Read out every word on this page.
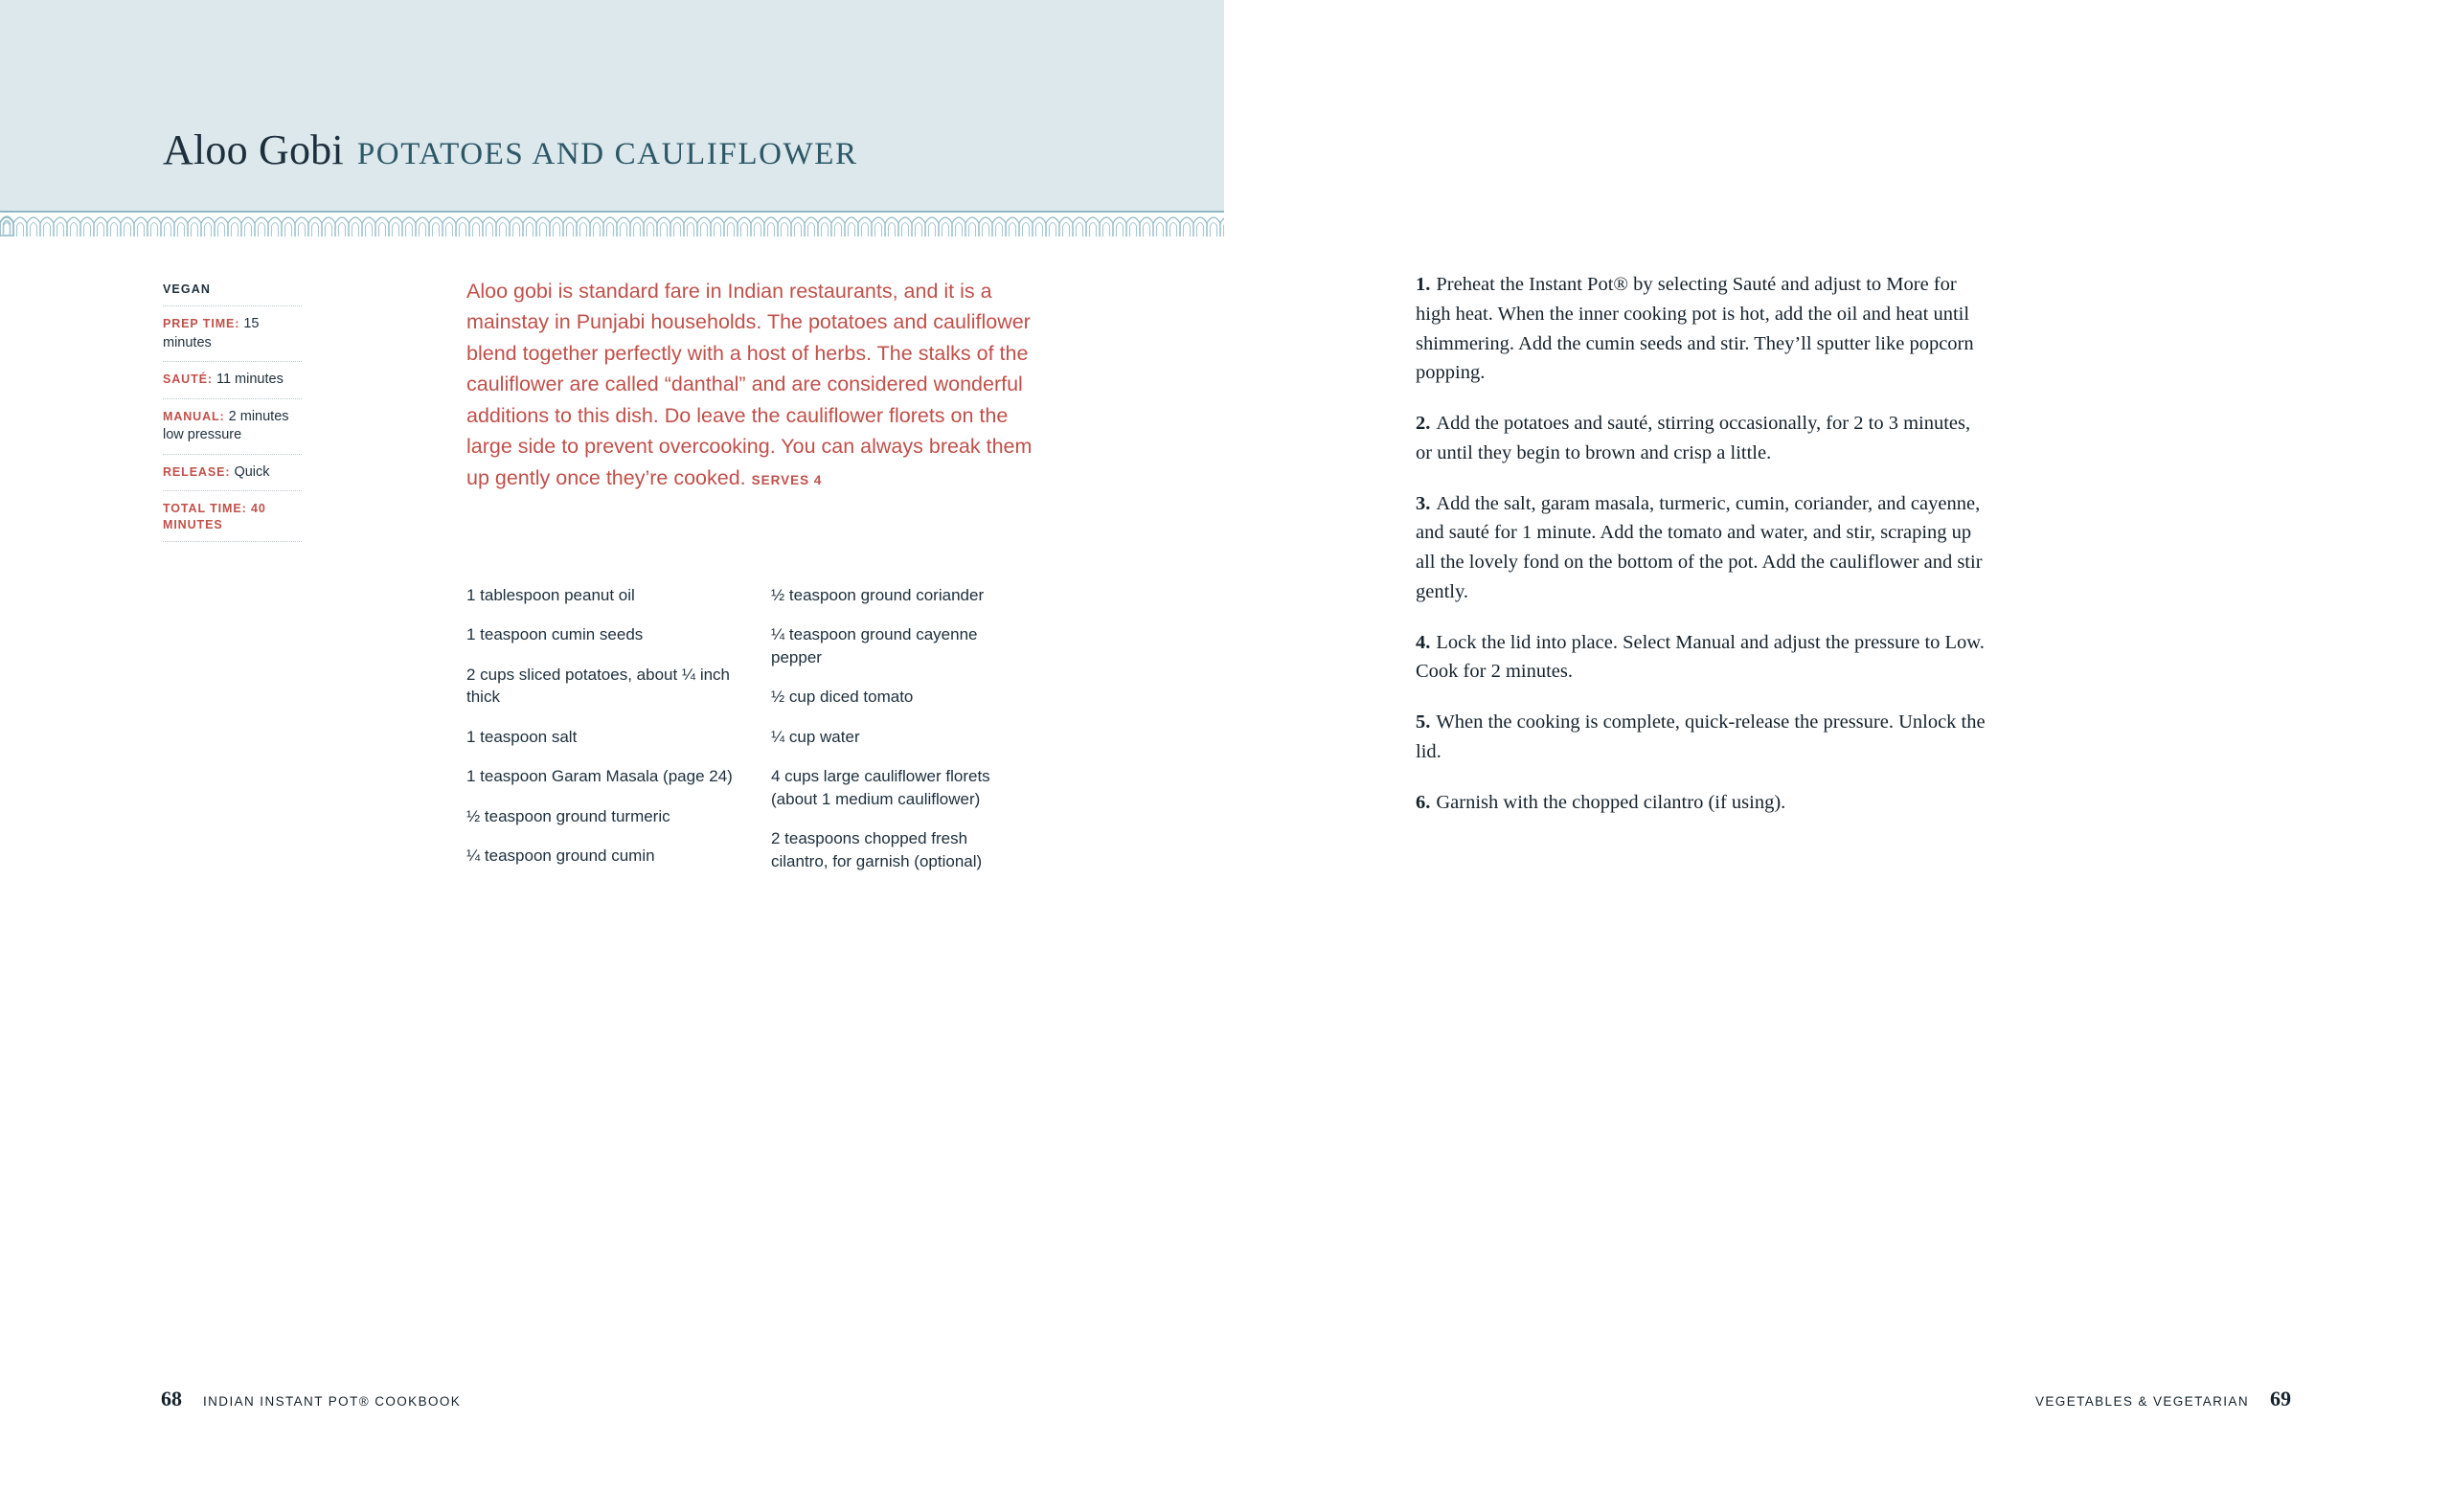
Aloo Gobi POTATOES AND CAULIFLOWER
VEGAN
PREP TIME: 15 minutes
SAUTÉ: 11 minutes
MANUAL: 2 minutes
low pressure
RELEASE: Quick
TOTAL TIME: 40 MINUTES
Aloo gobi is standard fare in Indian restaurants, and it is a mainstay in Punjabi households. The potatoes and cauliflower blend together perfectly with a host of herbs. The stalks of the cauliflower are called “danthal” and are considered wonderful additions to this dish. Do leave the cauliflower florets on the large side to prevent overcooking. You can always break them up gently once they’re cooked. SERVES 4
1 tablespoon peanut oil
1 teaspoon cumin seeds
2 cups sliced potatoes, about ¼ inch thick
1 teaspoon salt
1 teaspoon Garam Masala (page 24)
½ teaspoon ground turmeric
¼ teaspoon ground cumin
½ teaspoon ground coriander
¼ teaspoon ground cayenne pepper
½ cup diced tomato
¼ cup water
4 cups large cauliflower florets (about 1 medium cauliflower)
2 teaspoons chopped fresh cilantro, for garnish (optional)
68 INDIAN INSTANT POT® COOKBOOK
1. Preheat the Instant Pot® by selecting Sauté and adjust to More for high heat. When the inner cooking pot is hot, add the oil and heat until shimmering. Add the cumin seeds and stir. They’ll sputter like popcorn popping.
2. Add the potatoes and sauté, stirring occasionally, for 2 to 3 minutes, or until they begin to brown and crisp a little.
3. Add the salt, garam masala, turmeric, cumin, coriander, and cayenne, and sauté for 1 minute. Add the tomato and water, and stir, scraping up all the lovely fond on the bottom of the pot. Add the cauliflower and stir gently.
4. Lock the lid into place. Select Manual and adjust the pressure to Low. Cook for 2 minutes.
5. When the cooking is complete, quick-release the pressure. Unlock the lid.
6. Garnish with the chopped cilantro (if using).
VEGETABLES & VEGETARIAN 69
